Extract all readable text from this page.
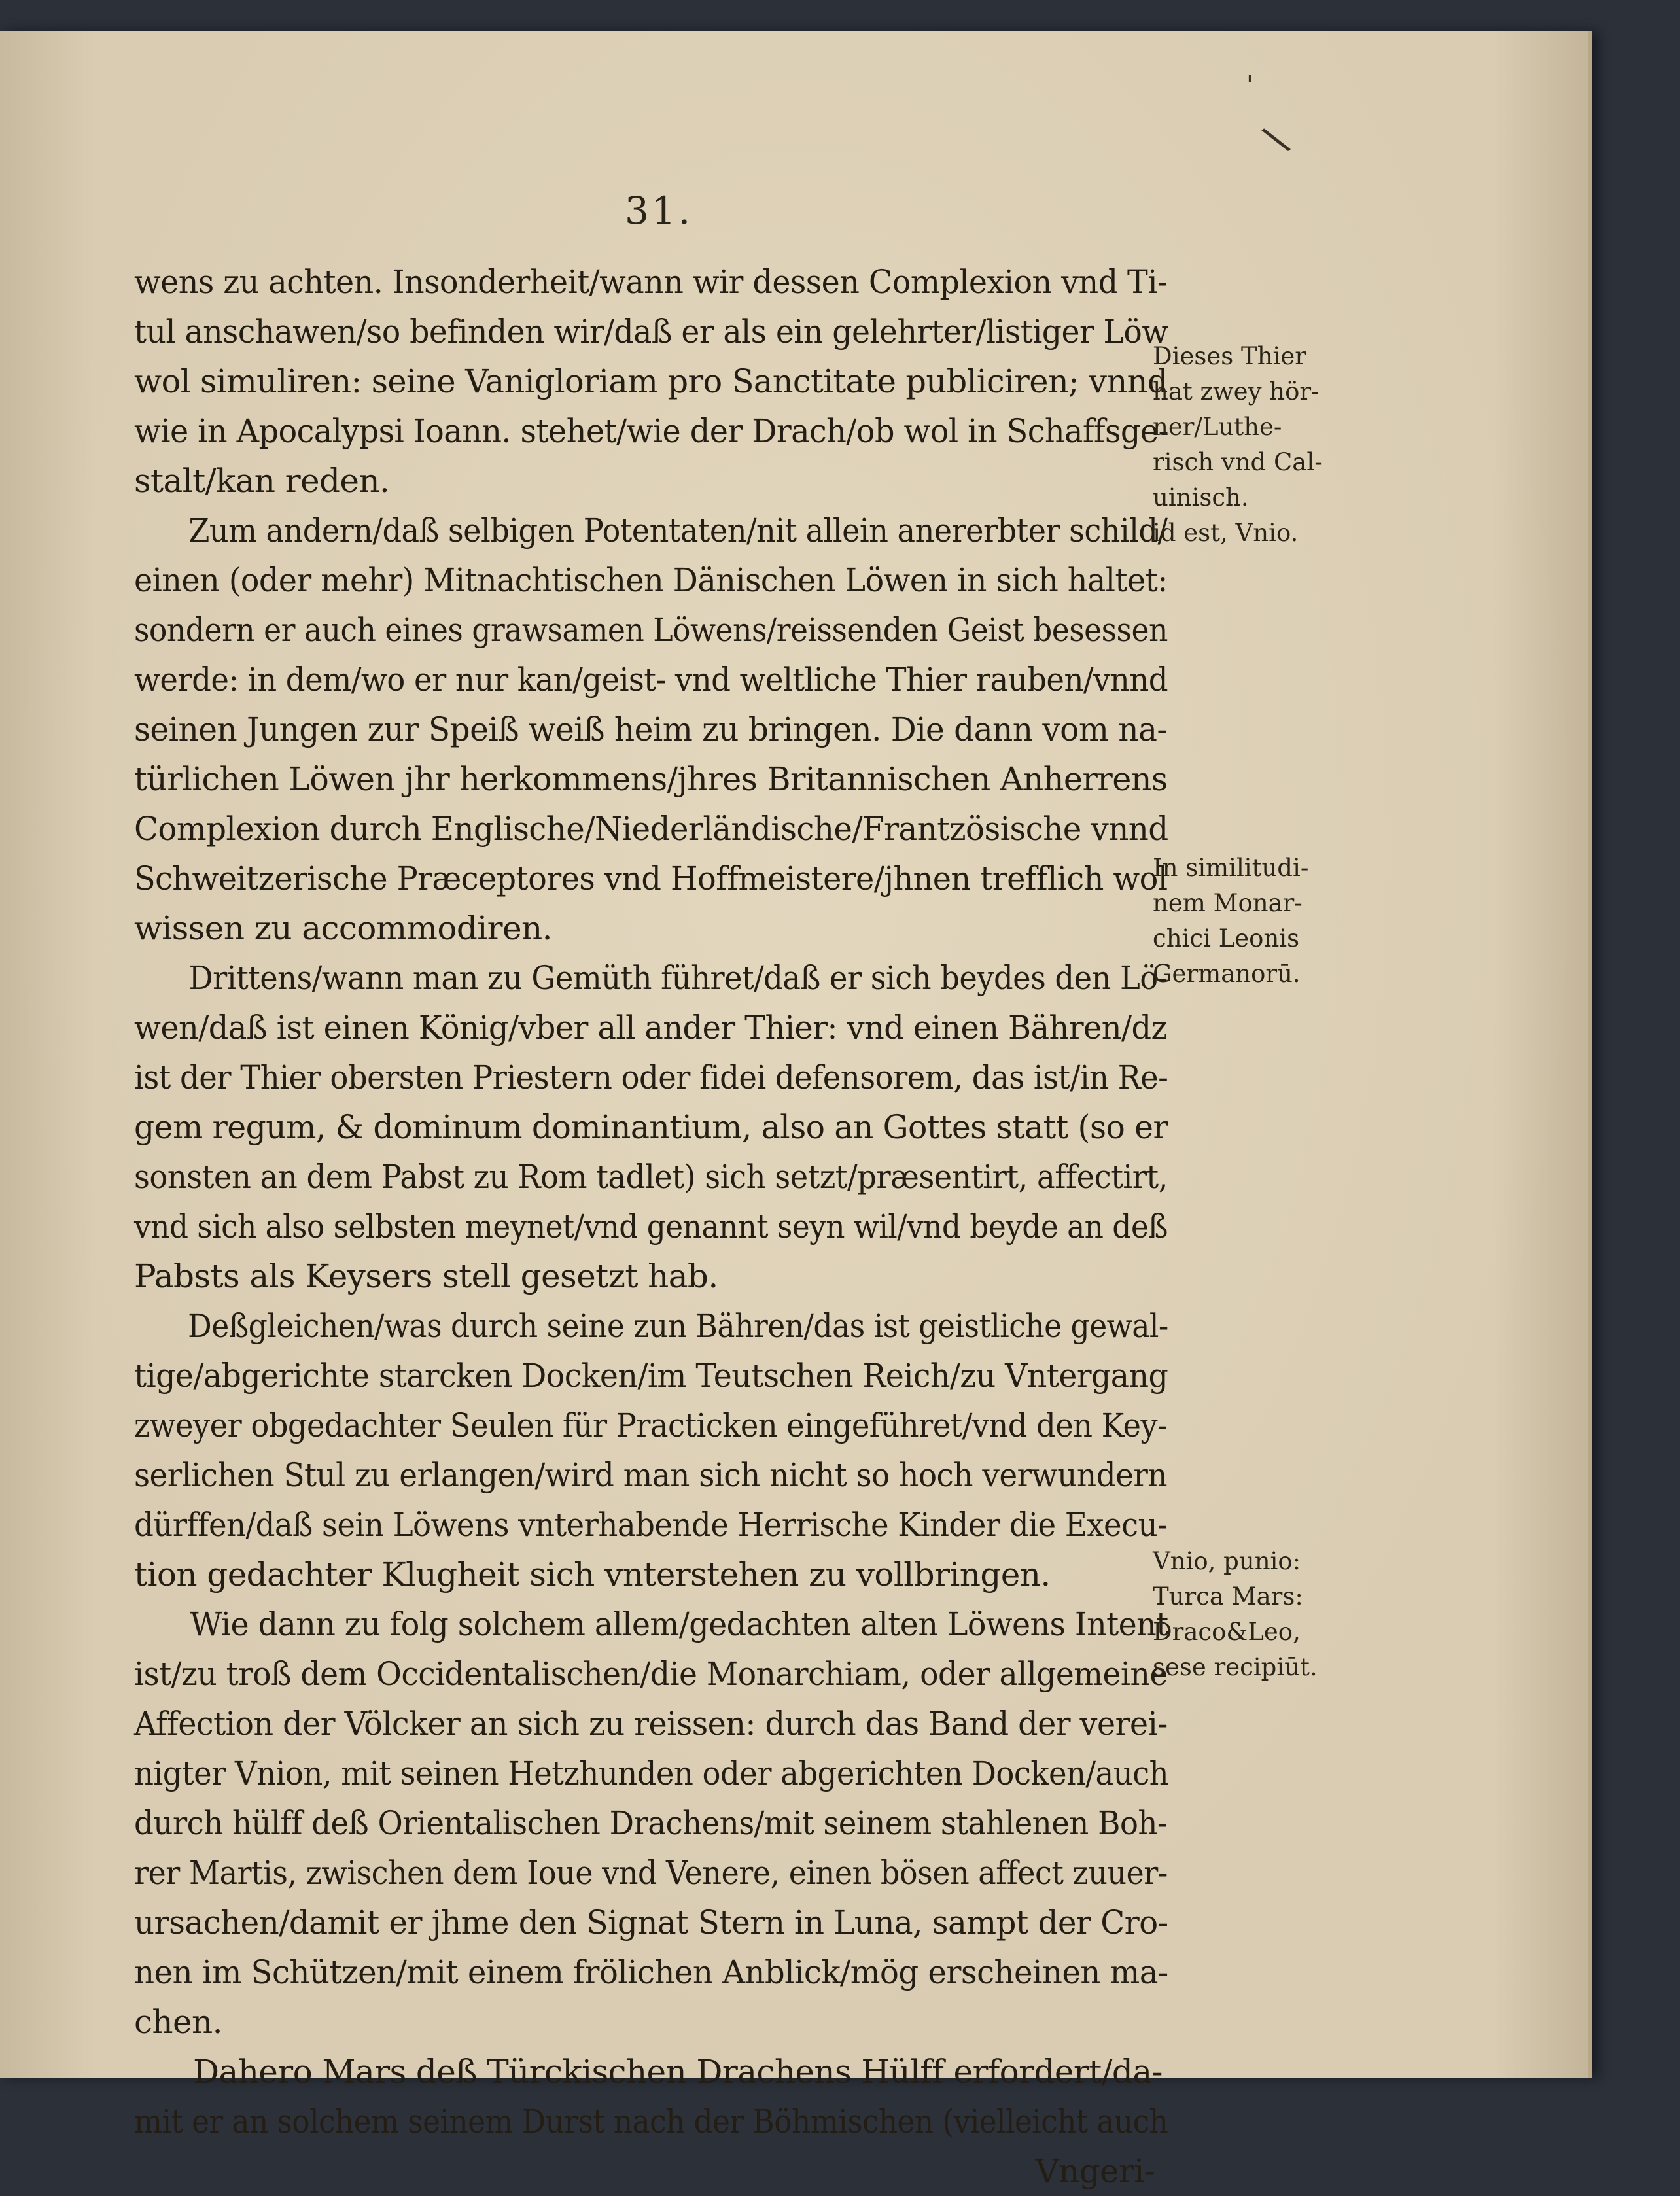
31.
wens zu achten. Insonderheit/wann wir dessen Complexion vnd Ti-
tul anschawen/so befinden wir/daß er als ein gelehrter/listiger Löw
wol simuliren: seine Vanigloriam pro Sanctitate publiciren; vnnd
wie in Apocalypsi Ioann. stehet/wie der Drach/ob wol in Schaffsge-
stalt/kan reden.
Zum andern/daß selbigen Potentaten/nit allein anererbter schild/
einen (oder mehr) Mitnachtischen Dänischen Löwen in sich haltet:
sondern er auch eines grawsamen Löwens/reissenden Geist besessen
werde: in dem/wo er nur kan/geist- vnd weltliche Thier rauben/vnnd
seinen Jungen zur Speiß weiß heim zu bringen. Die dann vom na-
türlichen Löwen jhr herkommens/jhres Britannischen Anherrens
Complexion durch Englische/Niederländische/Frantzösische vnnd
Schweitzerische Præceptores vnd Hoffmeistere/jhnen trefflich wol
wissen zu accommodiren.
Drittens/wann man zu Gemüth führet/daß er sich beydes den Lö-
wen/daß ist einen König/vber all ander Thier: vnd einen Bähren/dz
ist der Thier obersten Priestern oder fidei defensorem, das ist/in Re-
gem regum, & dominum dominantium, also an Gottes statt (so er
sonsten an dem Pabst zu Rom tadlet) sich setzt/præsentirt, affectirt,
vnd sich also selbsten meynet/vnd genannt seyn wil/vnd beyde an deß
Pabsts als Keysers stell gesetzt hab.
Deßgleichen/was durch seine zun Bähren/das ist geistliche gewal-
tige/abgerichte starcken Docken/im Teutschen Reich/zu Vntergang
zweyer obgedachter Seulen für Practicken eingeführet/vnd den Key-
serlichen Stul zu erlangen/wird man sich nicht so hoch verwundern
dürffen/daß sein Löwens vnterhabende Herrische Kinder die Execu-
tion gedachter Klugheit sich vnterstehen zu vollbringen.
Wie dann zu folg solchem allem/gedachten alten Löwens Intent
ist/zu troß dem Occidentalischen/die Monarchiam, oder allgemeine
Affection der Völcker an sich zu reissen: durch das Band der verei-
nigter Vnion, mit seinen Hetzhunden oder abgerichten Docken/auch
durch hülff deß Orientalischen Drachens/mit seinem stahlenen Boh-
rer Martis, zwischen dem Ioue vnd Venere, einen bösen affect zuuer-
ursachen/damit er jhme den Signat Stern in Luna, sampt der Cro-
nen im Schützen/mit einem frölichen Anblick/mög erscheinen ma-
chen.
Dahero Mars deß Türckischen Drachens Hülff erfordert/da-
mit er an solchem seinem Durst nach der Böhmischen (vielleicht auch
Vngeri-
Dieses Thier
hat zwey hör-
ner/Luthe-
risch vnd Cal-
uinisch.
id est, Vnio.
In similitudi-
nem Monar-
chici Leonis
Germanorū.
Vnio, punio:
Turca Mars:
Draco&Leo,
sese recipiūt.
'
\
